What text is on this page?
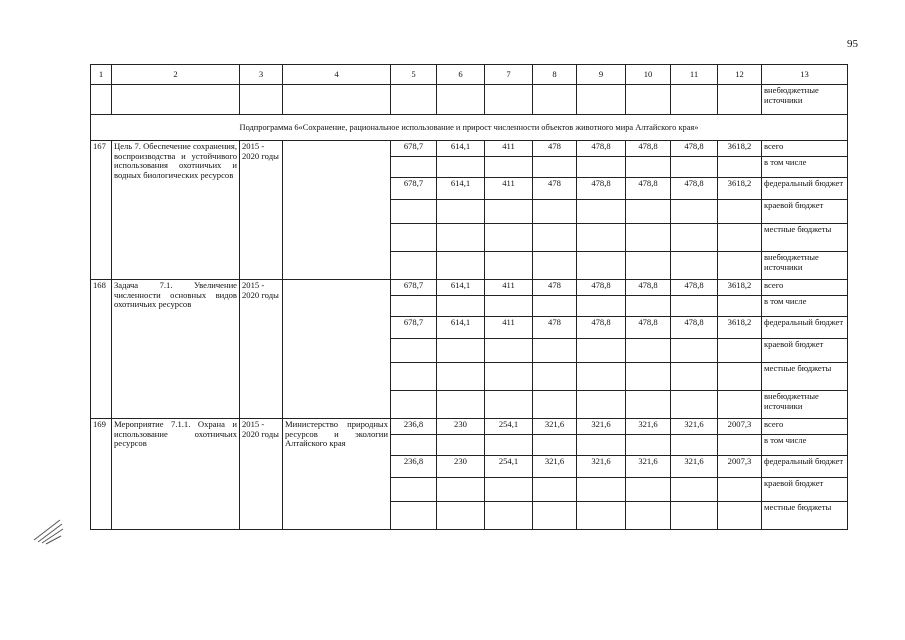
95
1	2	3	4	5	6	7	8	9	10	11	12	13
												внебюджетные источники
Подпрограмма 6«Сохранение, рациональное использование и прирост численности объектов животного мира Алтайского края»												
167	Цель 7. Обеспечение сохранения, воспроизводства и устойчивого использования охотничьих и водных биологических ресурсов	2015 - 2020 годы		678,7	614,1	411	478	478,8	478,8	478,8	3618,2	всего
												в том числе
				678,7	614,1	411	478	478,8	478,8	478,8	3618,2	федеральный бюджет
												краевой бюджет
												местные бюджеты
												внебюджетные источники
168	Задача 7.1. Увеличение численности основных видов охотничьих ресурсов	2015 - 2020 годы		678,7	614,1	411	478	478,8	478,8	478,8	3618,2	всего
												в том числе
				678,7	614,1	411	478	478,8	478,8	478,8	3618,2	федеральный бюджет
												краевой бюджет
												местные бюджеты
												внебюджетные источники
169	Мероприятие 7.1.1. Охрана и использование охотничьих ресурсов	2015 - 2020 годы	Министерство природных ресурсов и экологии Алтайского края	236,8	230	254,1	321,6	321,6	321,6	321,6	2007,3	всего
												в том числе
				236,8	230	254,1	321,6	321,6	321,6	321,6	2007,3	федеральный бюджет
												краевой бюджет
												местные бюджеты
